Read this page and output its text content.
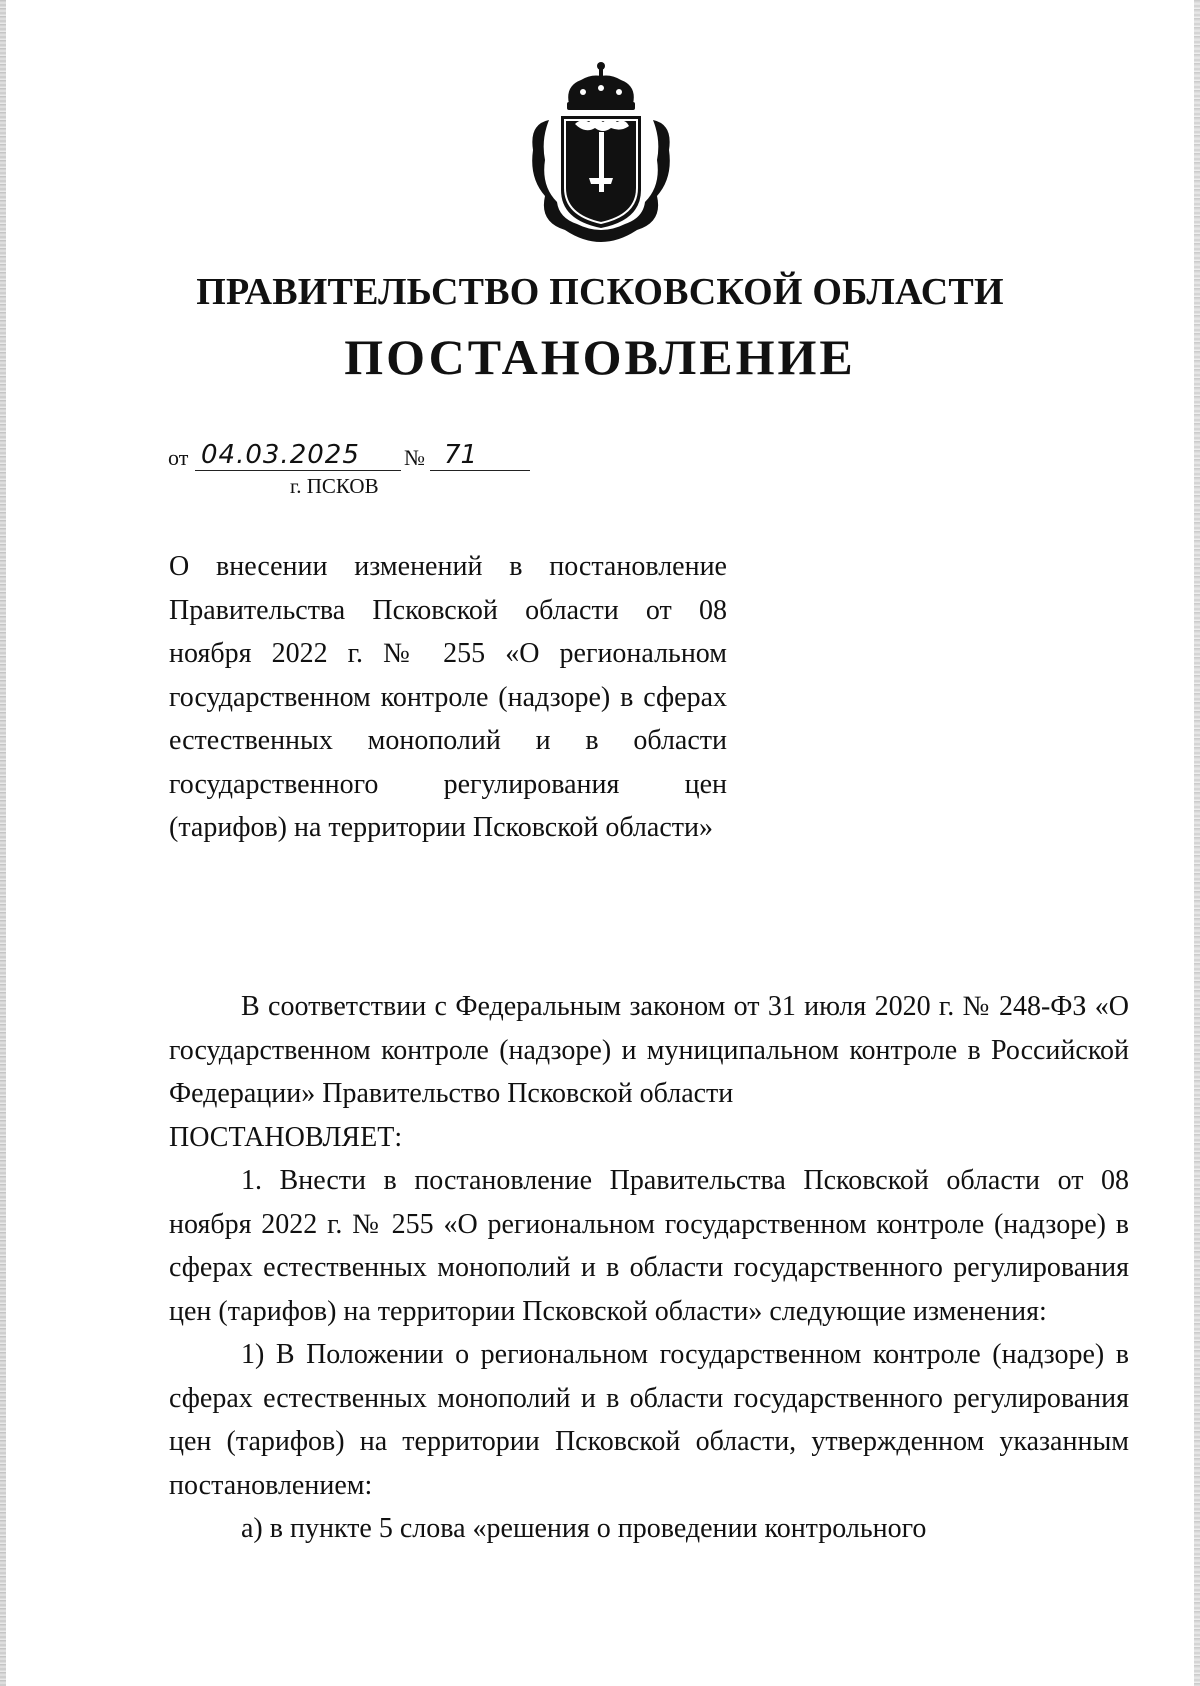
ПРАВИТЕЛЬСТВО ПСКОВСКОЙ ОБЛАСТИ
ПОСТАНОВЛЕНИЕ
от 04.03.2025	№ 71
г. ПСКОВ
О внесении изменений в постановление Правительства Псковской области от 08 ноября 2022 г. № 255 «О региональном государственном контроле (надзоре) в сферах естественных монополий и в области государственного регулирования цен (тарифов) на территории Псковской области»

В соответствии с Федеральным законом от 31 июля 2020 г. № 248-ФЗ «О государственном контроле (надзоре) и муниципальном контроле в Российской Федерации» Правительство Псковской области

ПОСТАНОВЛЯЕТ:

1. Внести в постановление Правительства Псковской области от 08 ноября 2022 г. № 255 «О региональном государственном контроле (надзоре) в сферах естественных монополий и в области государственного регулирования цен (тарифов) на территории Псковской области» следующие изменения:

1) В Положении о региональном государственном контроле (надзоре) в сферах естественных монополий и в области государственного регулирования цен (тарифов) на территории Псковской области, утвержденном указанным постановлением:

а) в пункте 5 слова «решения о проведении контрольного
